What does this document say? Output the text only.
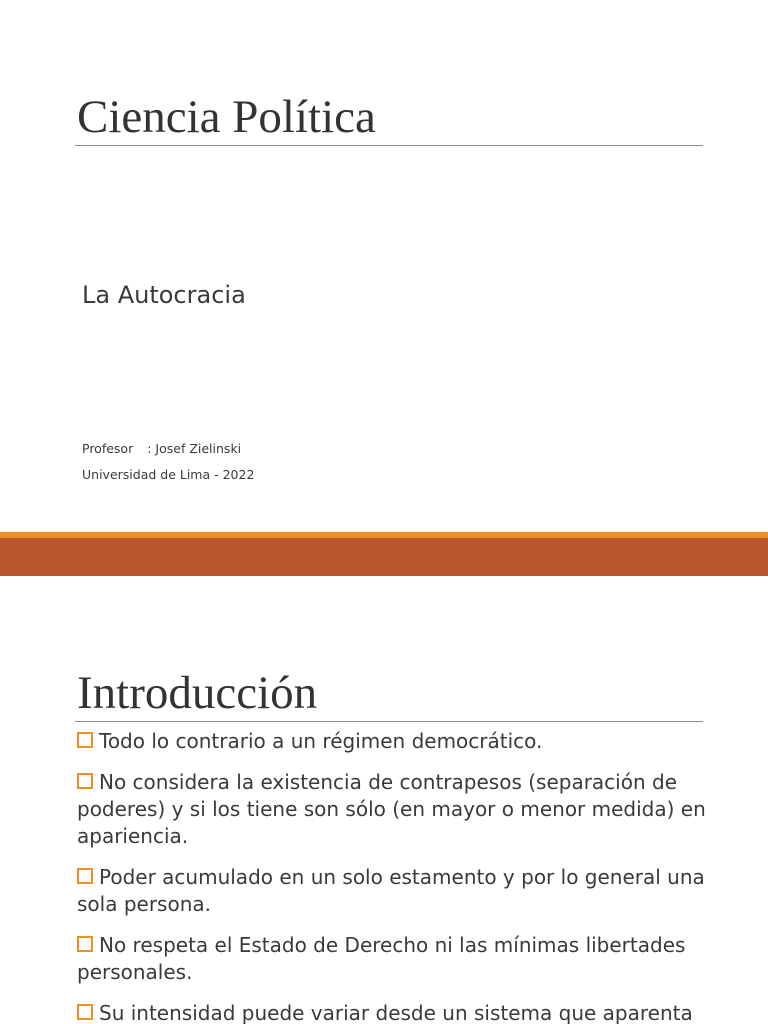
Ciencia Política
La Autocracia
Profesor : Josef Zielinski
Universidad de Lima - 2022
Introducción
Todo lo contrario a un régimen democrático.
No considera la existencia de contrapesos (separación de poderes) y si los tiene son sólo (en mayor o menor medida) en apariencia.
Poder acumulado en un solo estamento y por lo general una sola persona.
No respeta el Estado de Derecho ni las mínimas libertades personales.
Su intensidad puede variar desde un sistema que aparenta
